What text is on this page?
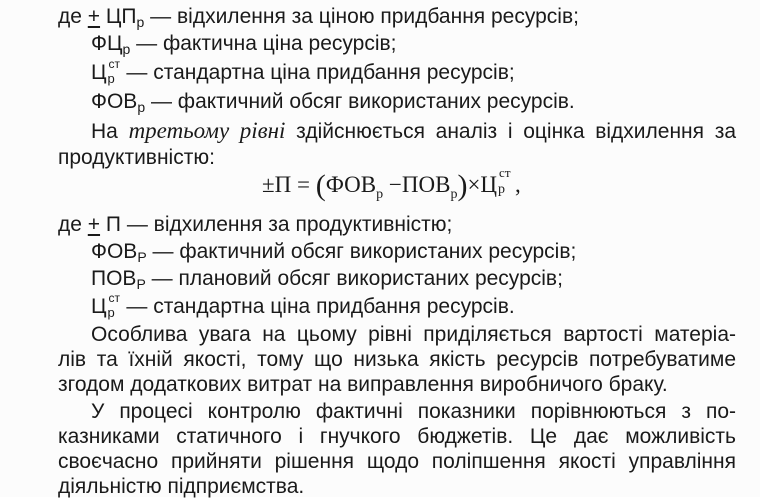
де + $ЦП_р$ — відхилення за ціною придбання ресурсів;
$ФЦ_р$ — фактична ціна ресурсів;
Ц ст
р — стандартна ціна придбання ресурсів;
$ФОВ_р$ — фактичний обсяг використаних ресурсів.
На третьому рівні здійснюється аналіз і оцінка відхилення за
продуктивністю:
$\pm П = (ФОВ_р -ПОВ_р)\times Ц$ ст
р ,
де + П — відхилення за продуктивністю;
$ФОВ_Р$ — фактичний обсяг використаних ресурсів;
$ПОВ_Р$ — плановий обсяг використаних ресурсів;
Ц ст
р — стандартна ціна придбання ресурсів.
Особлива увага на цьому рівні приділяється вартості матеріа-
лів та їхній якості, тому що низька якість ресурсів потребуватиме
згодом додаткових витрат на виправлення виробничого браку.
У процесі контролю фактичні показники порівнюються з по-
казниками статичного і гнучкого бюджетів. Це дає можливість
своєчасно прийняти рішення щодо поліпшення якості управління
діяльністю підприємства.
